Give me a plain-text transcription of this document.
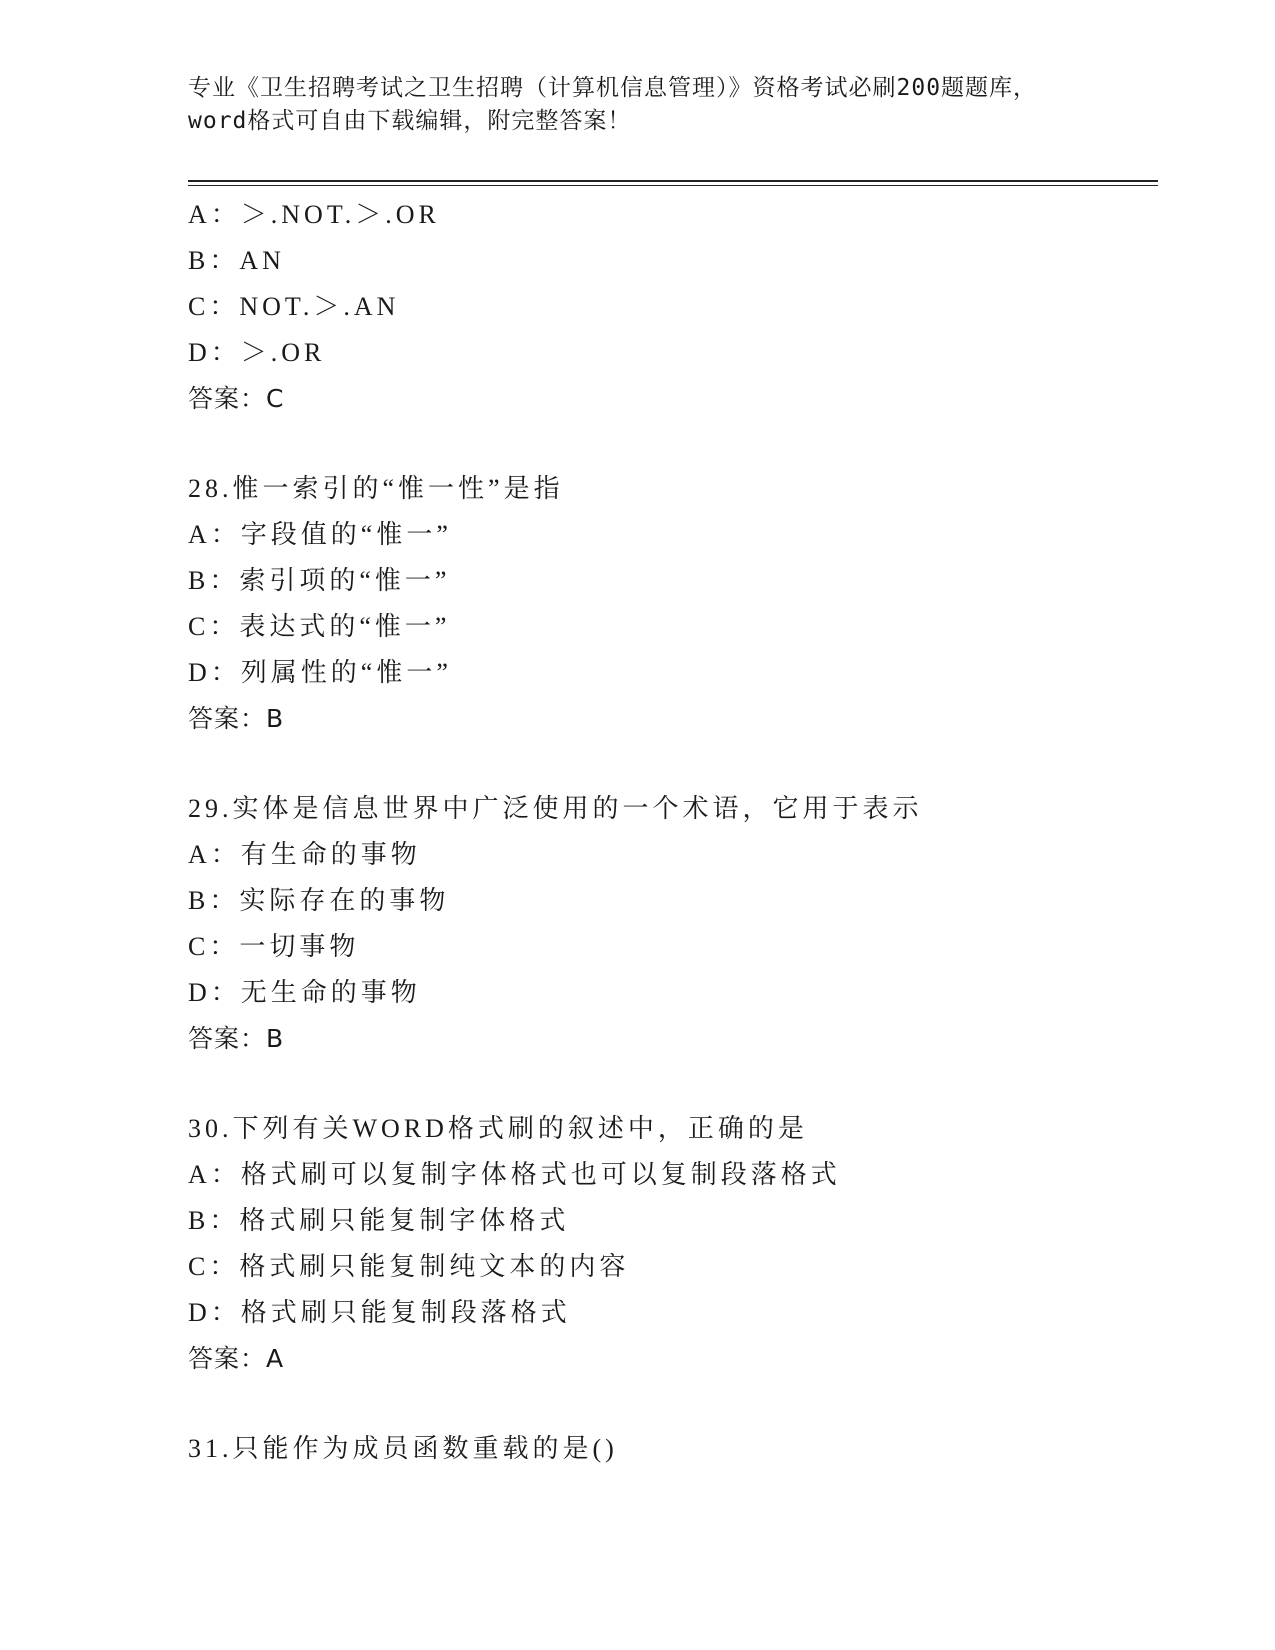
专业《卫生招聘考试之卫生招聘（计算机信息管理）》资格考试必刷200题题库，
word格式可自由下载编辑，附完整答案！
A：＞.NOT.＞.OR
B：AN
C：NOT.＞.AN
D：＞.OR
答案：C
28.惟一索引的“惟一性”是指
A：字段值的“惟一”
B：索引项的“惟一”
C：表达式的“惟一”
D：列属性的“惟一”
答案：B
29.实体是信息世界中广泛使用的一个术语，它用于表示
A：有生命的事物
B：实际存在的事物
C：一切事物
D：无生命的事物
答案：B
30.下列有关WORD格式刷的叙述中，正确的是
A：格式刷可以复制字体格式也可以复制段落格式
B：格式刷只能复制字体格式
C：格式刷只能复制纯文本的内容
D：格式刷只能复制段落格式
答案：A
31.只能作为成员函数重载的是()
